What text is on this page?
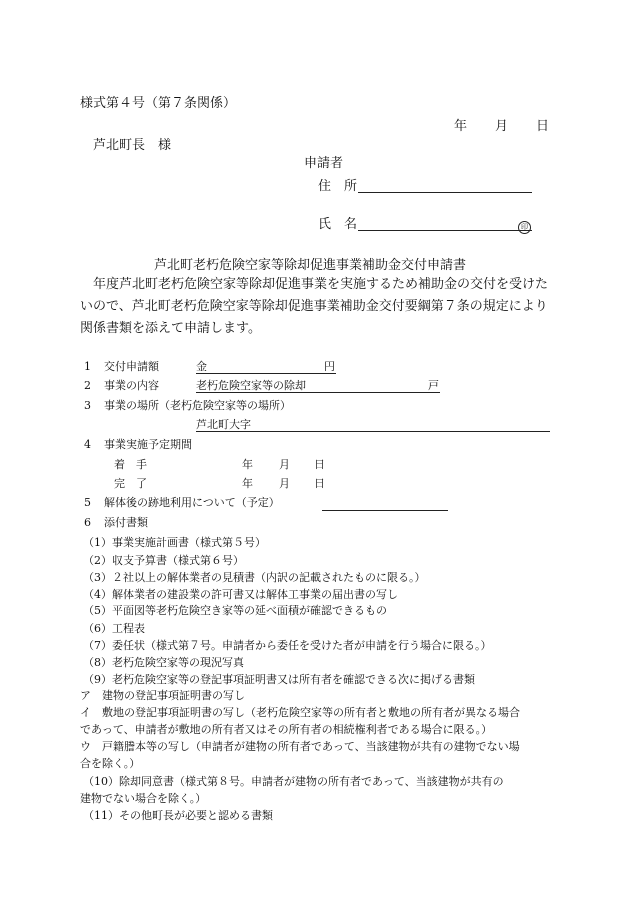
様式第４号（第７条関係）
年 月 日
芦北町長　様
申請者
住　所
氏　名	印
芦北町老朽危険空家等除却促進事業補助金交付申請書
　年度芦北町老朽危険空家等除却促進事業を実施するため補助金の交付を受けたいので、芦北町老朽危険空家等除却促進事業補助金交付要綱第７条の規定により関係書類を添えて申請します。
1 交付申請額	金	円
2 事業の内容	老朽危険空家等の除却	戸
3 事業の場所（老朽危険空家等の場所）
芦北町大字
4 事業実施予定期間
着　手	年 月 日
完　了	年 月 日
5 解体後の跡地利用について（予定）
6 添付書類
（1）事業実施計画書（様式第５号）
（2）収支予算書（様式第６号）
（3）２社以上の解体業者の見積書（内訳の記載されたものに限る。）
（4）解体業者の建設業の許可書又は解体工事業の届出書の写し
（5）平面図等老朽危険空き家等の延べ面積が確認できるもの
（6）工程表
（7）委任状（様式第７号。申請者から委任を受けた者が申請を行う場合に限る。）
（8）老朽危険空家等の現況写真
（9）老朽危険空家等の登記事項証明書又は所有者を確認できる次に掲げる書類
ア　建物の登記事項証明書の写し
イ　敷地の登記事項証明書の写し（老朽危険空家等の所有者と敷地の所有者が異なる場合
であって、申請者が敷地の所有者又はその所有者の相続権利者である場合に限る。）
ウ　戸籍謄本等の写し（申請者が建物の所有者であって、当該建物が共有の建物でない場
合を除く。）
（10）除却同意書（様式第８号。申請者が建物の所有者であって、当該建物が共有の
建物でない場合を除く。）
（11）その他町長が必要と認める書類
